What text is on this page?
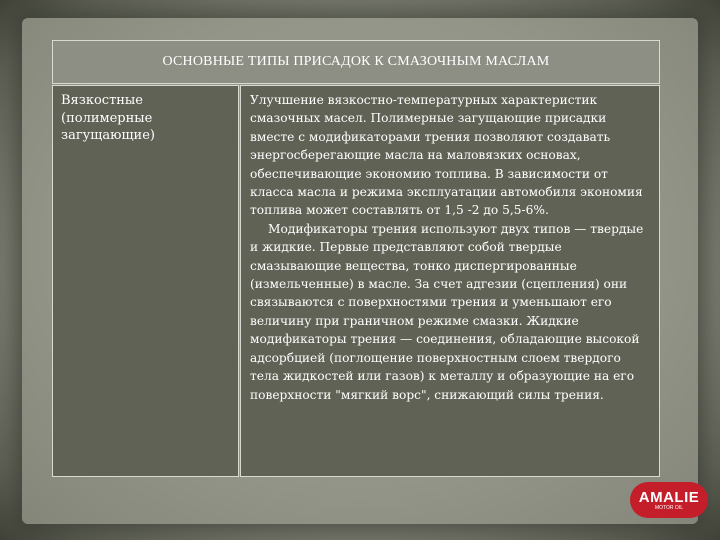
ОСНОВНЫЕ ТИПЫ ПРИСАДОК К СМАЗОЧНЫМ МАСЛАМ
Вязкостные (полимерные загущающие)

Улучшение вязкостно-температурных характеристик смазочных масел. Полимерные загущающие присадки вместе с модификаторами трения позволяют создавать энергосберегающие масла на маловязких основах, обеспечивающие экономию топлива. В зависимости от класса масла и режима эксплуатации автомобиля экономия топлива может составлять от 1,5 -2 до 5,5-6%.

Модификаторы трения используют двух типов — твердые и жидкие. Первые представляют собой твердые смазывающие вещества, тонко диспергированные (измельченные) в масле. За счет адгезии (сцепления) они связываются с поверхностями трения и уменьшают его величину при граничном режиме смазки. Жидкие модификаторы трения — соединения, обладающие высокой адсорбцией (поглощение поверхностным слоем твердого тела жидкостей или газов) к металлу и образующие на его поверхности "мягкий ворс", снижающий силы трения.

AMALIE
MOTOR OIL
